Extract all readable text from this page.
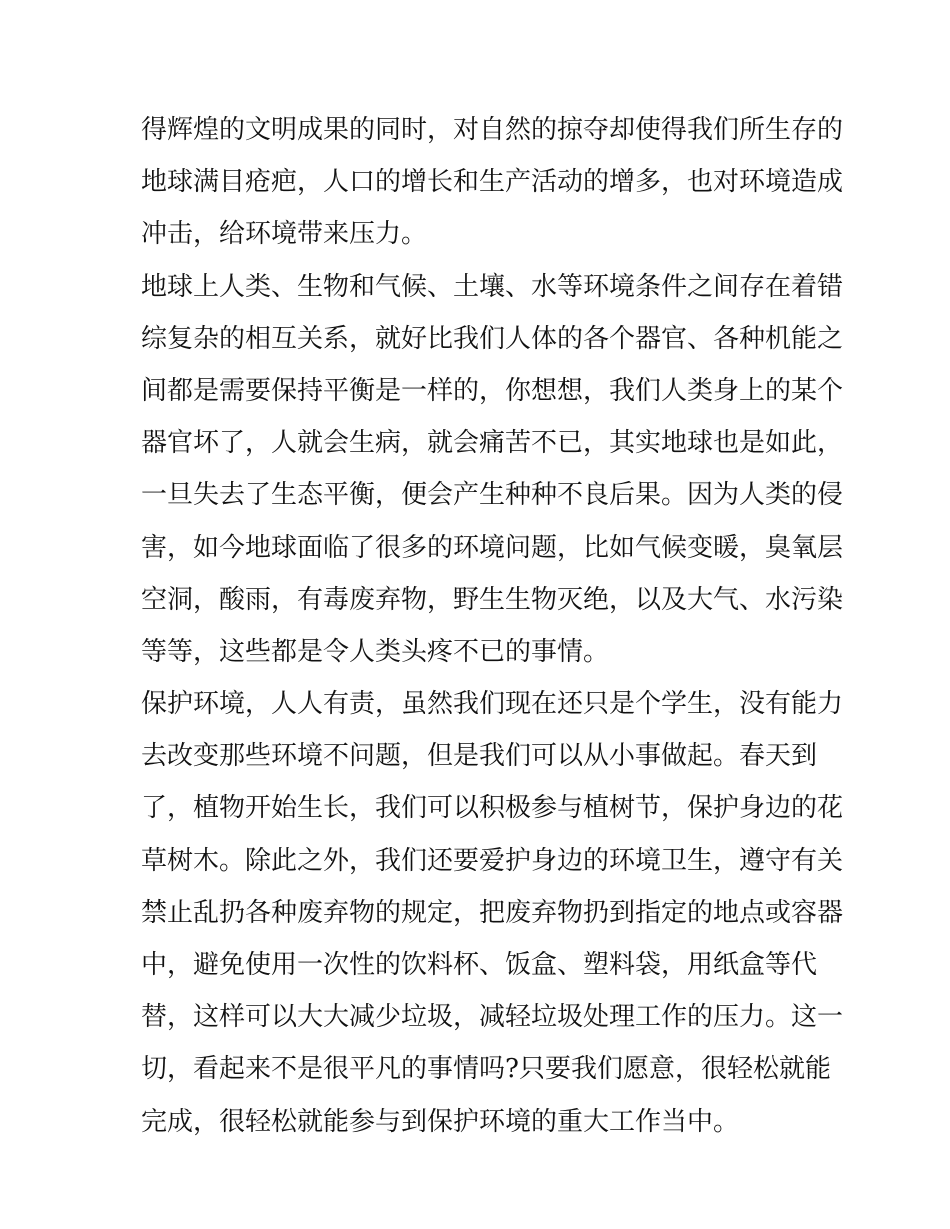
得辉煌的文明成果的同时，对自然的掠夺却使得我们所生存的
地球满目疮疤，人口的增长和生产活动的增多，也对环境造成
冲击，给环境带来压力。
地球上人类、生物和气候、土壤、水等环境条件之间存在着错
综复杂的相互关系，就好比我们人体的各个器官、各种机能之
间都是需要保持平衡是一样的，你想想，我们人类身上的某个
器官坏了，人就会生病，就会痛苦不已，其实地球也是如此，
一旦失去了生态平衡，便会产生种种不良后果。因为人类的侵
害，如今地球面临了很多的环境问题，比如气候变暖，臭氧层
空洞，酸雨，有毒废弃物，野生生物灭绝，以及大气、水污染
等等，这些都是令人类头疼不已的事情。
保护环境，人人有责，虽然我们现在还只是个学生，没有能力
去改变那些环境不问题，但是我们可以从小事做起。春天到
了，植物开始生长，我们可以积极参与植树节，保护身边的花
草树木。除此之外，我们还要爱护身边的环境卫生，遵守有关
禁止乱扔各种废弃物的规定，把废弃物扔到指定的地点或容器
中，避免使用一次性的饮料杯、饭盒、塑料袋，用纸盒等代
替，这样可以大大减少垃圾，减轻垃圾处理工作的压力。这一
切，看起来不是很平凡的事情吗?只要我们愿意，很轻松就能
完成，很轻松就能参与到保护环境的重大工作当中。
